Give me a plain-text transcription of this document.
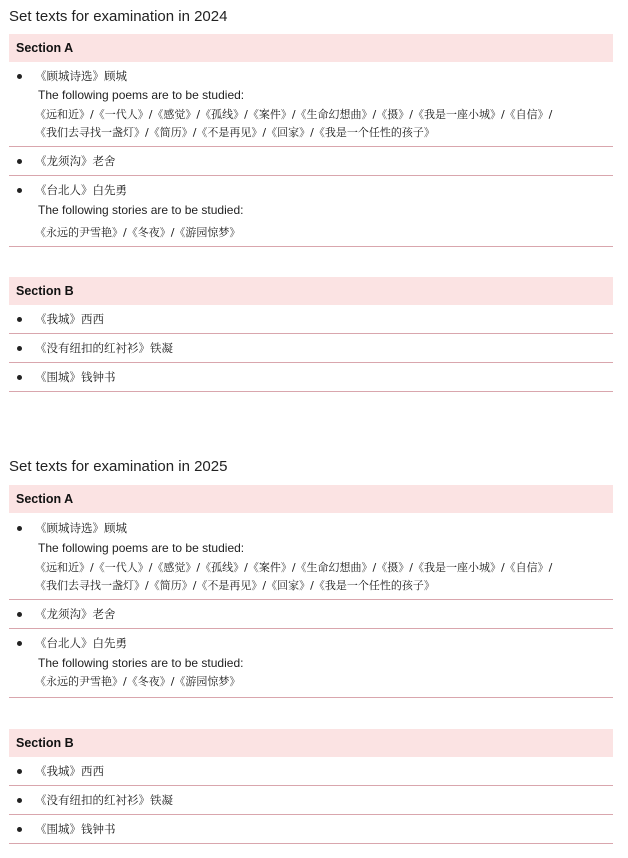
Set texts for examination in 2024
Section A
《顾城诗选》顾城
The following poems are to be studied:
《远和近》/《一代人》/《感觉》/《孤线》/《案件》/《生命幻想曲》/《摄》/《我是一座小城》/《自信》/
《我们去寻找一盏灯》/《简历》/《不是再见》/《回家》/《我是一个任性的孩子》
《龙须沟》老舍
《台北人》白先勇
The following stories are to be studied:
《永远的尹雪艳》/《冬夜》/《游园惊梦》
Section B
《我城》西西
《没有纽扣的红衬衫》铁凝
《围城》钱钟书
Set texts for examination in 2025
Section A
《顾城诗选》顾城
The following poems are to be studied:
《远和近》/《一代人》/《感觉》/《孤线》/《案件》/《生命幻想曲》/《摄》/《我是一座小城》/《自信》/
《我们去寻找一盏灯》/《简历》/《不是再见》/《回家》/《我是一个任性的孩子》
《龙须沟》老舍
《台北人》白先勇
The following stories are to be studied:
《永远的尹雪艳》/《冬夜》/《游园惊梦》
Section B
《我城》西西
《没有纽扣的红衬衫》铁凝
《围城》钱钟书
